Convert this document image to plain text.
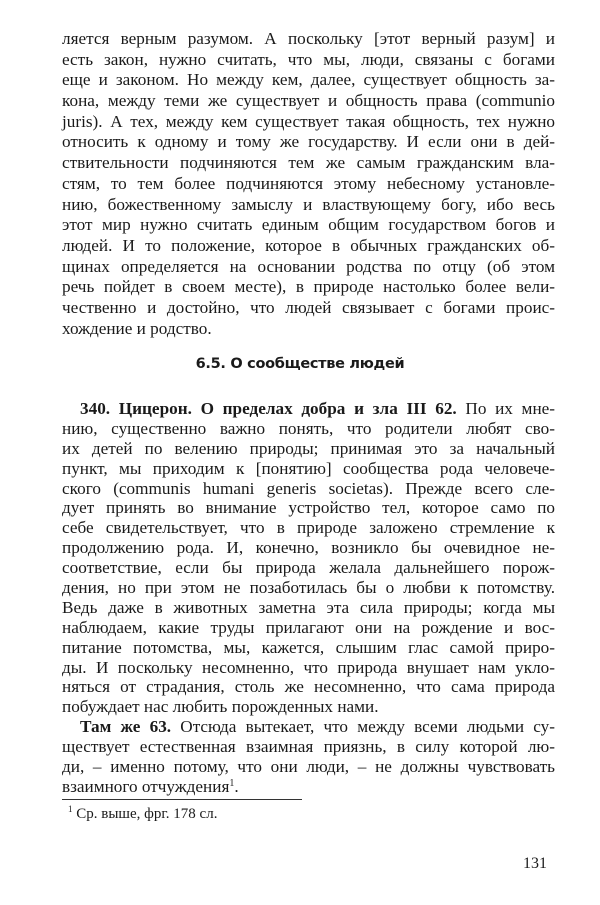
ляется верным разумом. А поскольку [этот верный разум] и
есть закон, нужно считать, что мы, люди, связаны с богами
еще и законом. Но между кем, далее, существует общность за-
кона, между теми же существует и общность права (communio
juris). А тех, между кем существует такая общность, тех нужно
относить к одному и тому же государству. И если они в дей-
ствительности подчиняются тем же самым гражданским вла-
стям, то тем более подчиняются этому небесному установле-
нию, божественному замыслу и властвующему богу, ибо весь
этот мир нужно считать единым общим государством богов и
людей. И то положение, которое в обычных гражданских об-
щинах определяется на основании родства по отцу (об этом
речь пойдет в своем месте), в природе настолько более вели-
чественно и достойно, что людей связывает с богами проис-
хождение и родство.
6.5. О сообществе людей
340. Цицерон. О пределах добра и зла III 62. По их мне-
нию, существенно важно понять, что родители любят сво-
их детей по велению природы; принимая это за начальный
пункт, мы приходим к [понятию] сообщества рода человече-
ского (communis humani generis societas). Прежде всего сле-
дует принять во внимание устройство тел, которое само по
себе свидетельствует, что в природе заложено стремление к
продолжению рода. И, конечно, возникло бы очевидное не-
соответствие, если бы природа желала дальнейшего порож-
дения, но при этом не позаботилась бы о любви к потомству.
Ведь даже в животных заметна эта сила природы; когда мы
наблюдаем, какие труды прилагают они на рождение и вос-
питание потомства, мы, кажется, слышим глас самой приро-
ды. И поскольку несомненно, что природа внушает нам укло-
няться от страдания, столь же несомненно, что сама природа
побуждает нас любить порожденных нами.
Там же 63. Отсюда вытекает, что между всеми людьми су-
ществует естественная взаимная приязнь, в силу которой лю-
ди, – именно потому, что они люди, – не должны чувствовать
взаимного отчуждения$^1$.
$^1$ Ср. выше, фрг. 178 сл.
131
